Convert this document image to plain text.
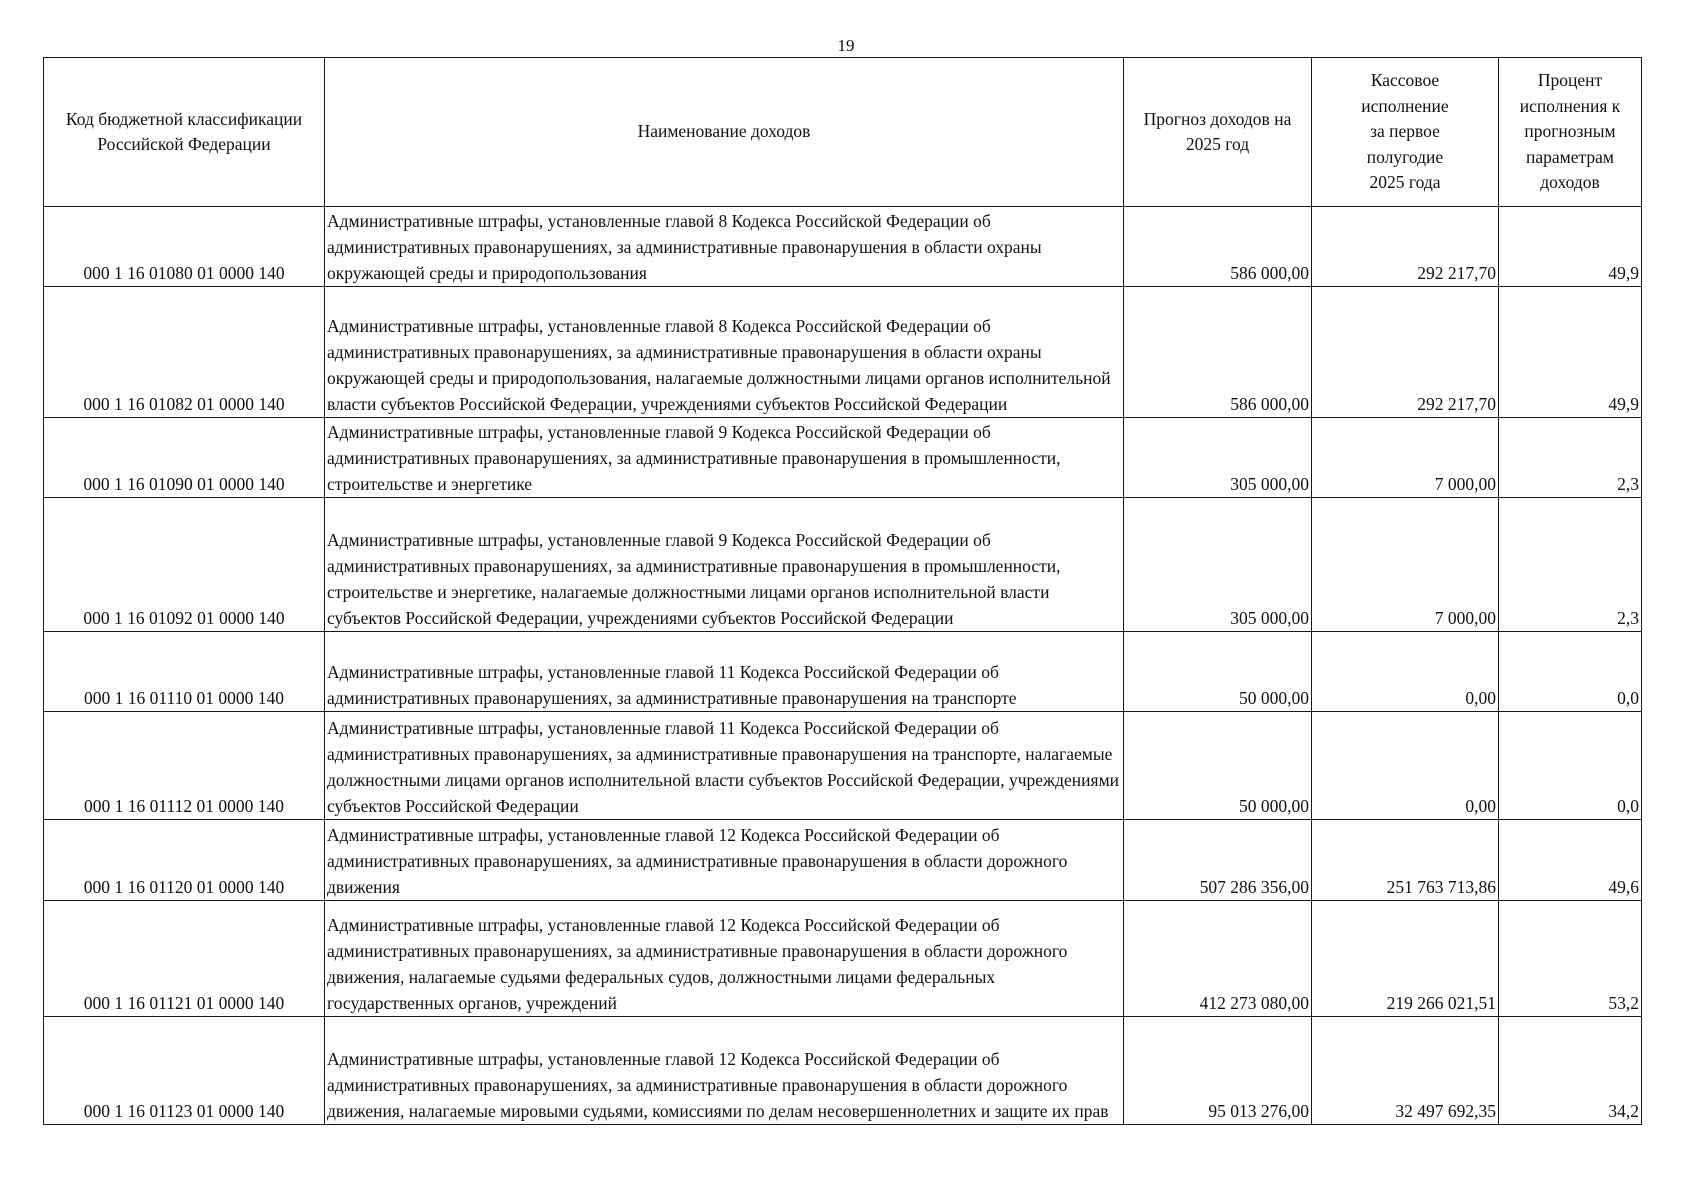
19
Код бюджетной классификации Российской Федерации	Наименование доходов	Прогноз доходов на 2025 год	Кассовое исполнение за первое полугодие 2025 года	Процент исполнения к прогнозным параметрам доходов
000 1 16 01080 01 0000 140	Административные штрафы, установленные главой 8 Кодекса Российской Федерации об административных правонарушениях, за административные правонарушения в области охраны окружающей среды и природопользования	586 000,00	292 217,70	49,9
000 1 16 01082 01 0000 140	Административные штрафы, установленные главой 8 Кодекса Российской Федерации об административных правонарушениях, за административные правонарушения в области охраны окружающей среды и природопользования, налагаемые должностными лицами органов исполнительной власти субъектов Российской Федерации, учреждениями субъектов Российской Федерации	586 000,00	292 217,70	49,9
000 1 16 01090 01 0000 140	Административные штрафы, установленные главой 9 Кодекса Российской Федерации об административных правонарушениях, за административные правонарушения в промышленности, строительстве и энергетике	305 000,00	7 000,00	2,3
000 1 16 01092 01 0000 140	Административные штрафы, установленные главой 9 Кодекса Российской Федерации об административных правонарушениях, за административные правонарушения в промышленности, строительстве и энергетике, налагаемые должностными лицами органов исполнительной власти субъектов Российской Федерации, учреждениями субъектов Российской Федерации	305 000,00	7 000,00	2,3
000 1 16 01110 01 0000 140	Административные штрафы, установленные главой 11 Кодекса Российской Федерации об административных правонарушениях, за административные правонарушения на транспорте	50 000,00	0,00	0,0
000 1 16 01112 01 0000 140	Административные штрафы, установленные главой 11 Кодекса Российской Федерации об административных правонарушениях, за административные правонарушения на транспорте, налагаемые должностными лицами органов исполнительной власти субъектов Российской Федерации, учреждениями субъектов Российской Федерации	50 000,00	0,00	0,0
000 1 16 01120 01 0000 140	Административные штрафы, установленные главой 12 Кодекса Российской Федерации об административных правонарушениях, за административные правонарушения в области дорожного движения	507 286 356,00	251 763 713,86	49,6
000 1 16 01121 01 0000 140	Административные штрафы, установленные главой 12 Кодекса Российской Федерации об административных правонарушениях, за административные правонарушения в области дорожного движения, налагаемые судьями федеральных судов, должностными лицами федеральных государственных органов, учреждений	412 273 080,00	219 266 021,51	53,2
000 1 16 01123 01 0000 140	Административные штрафы, установленные главой 12 Кодекса Российской Федерации об административных правонарушениях, за административные правонарушения в области дорожного движения, налагаемые мировыми судьями, комиссиями по делам несовершеннолетних и защите их прав	95 013 276,00	32 497 692,35	34,2
